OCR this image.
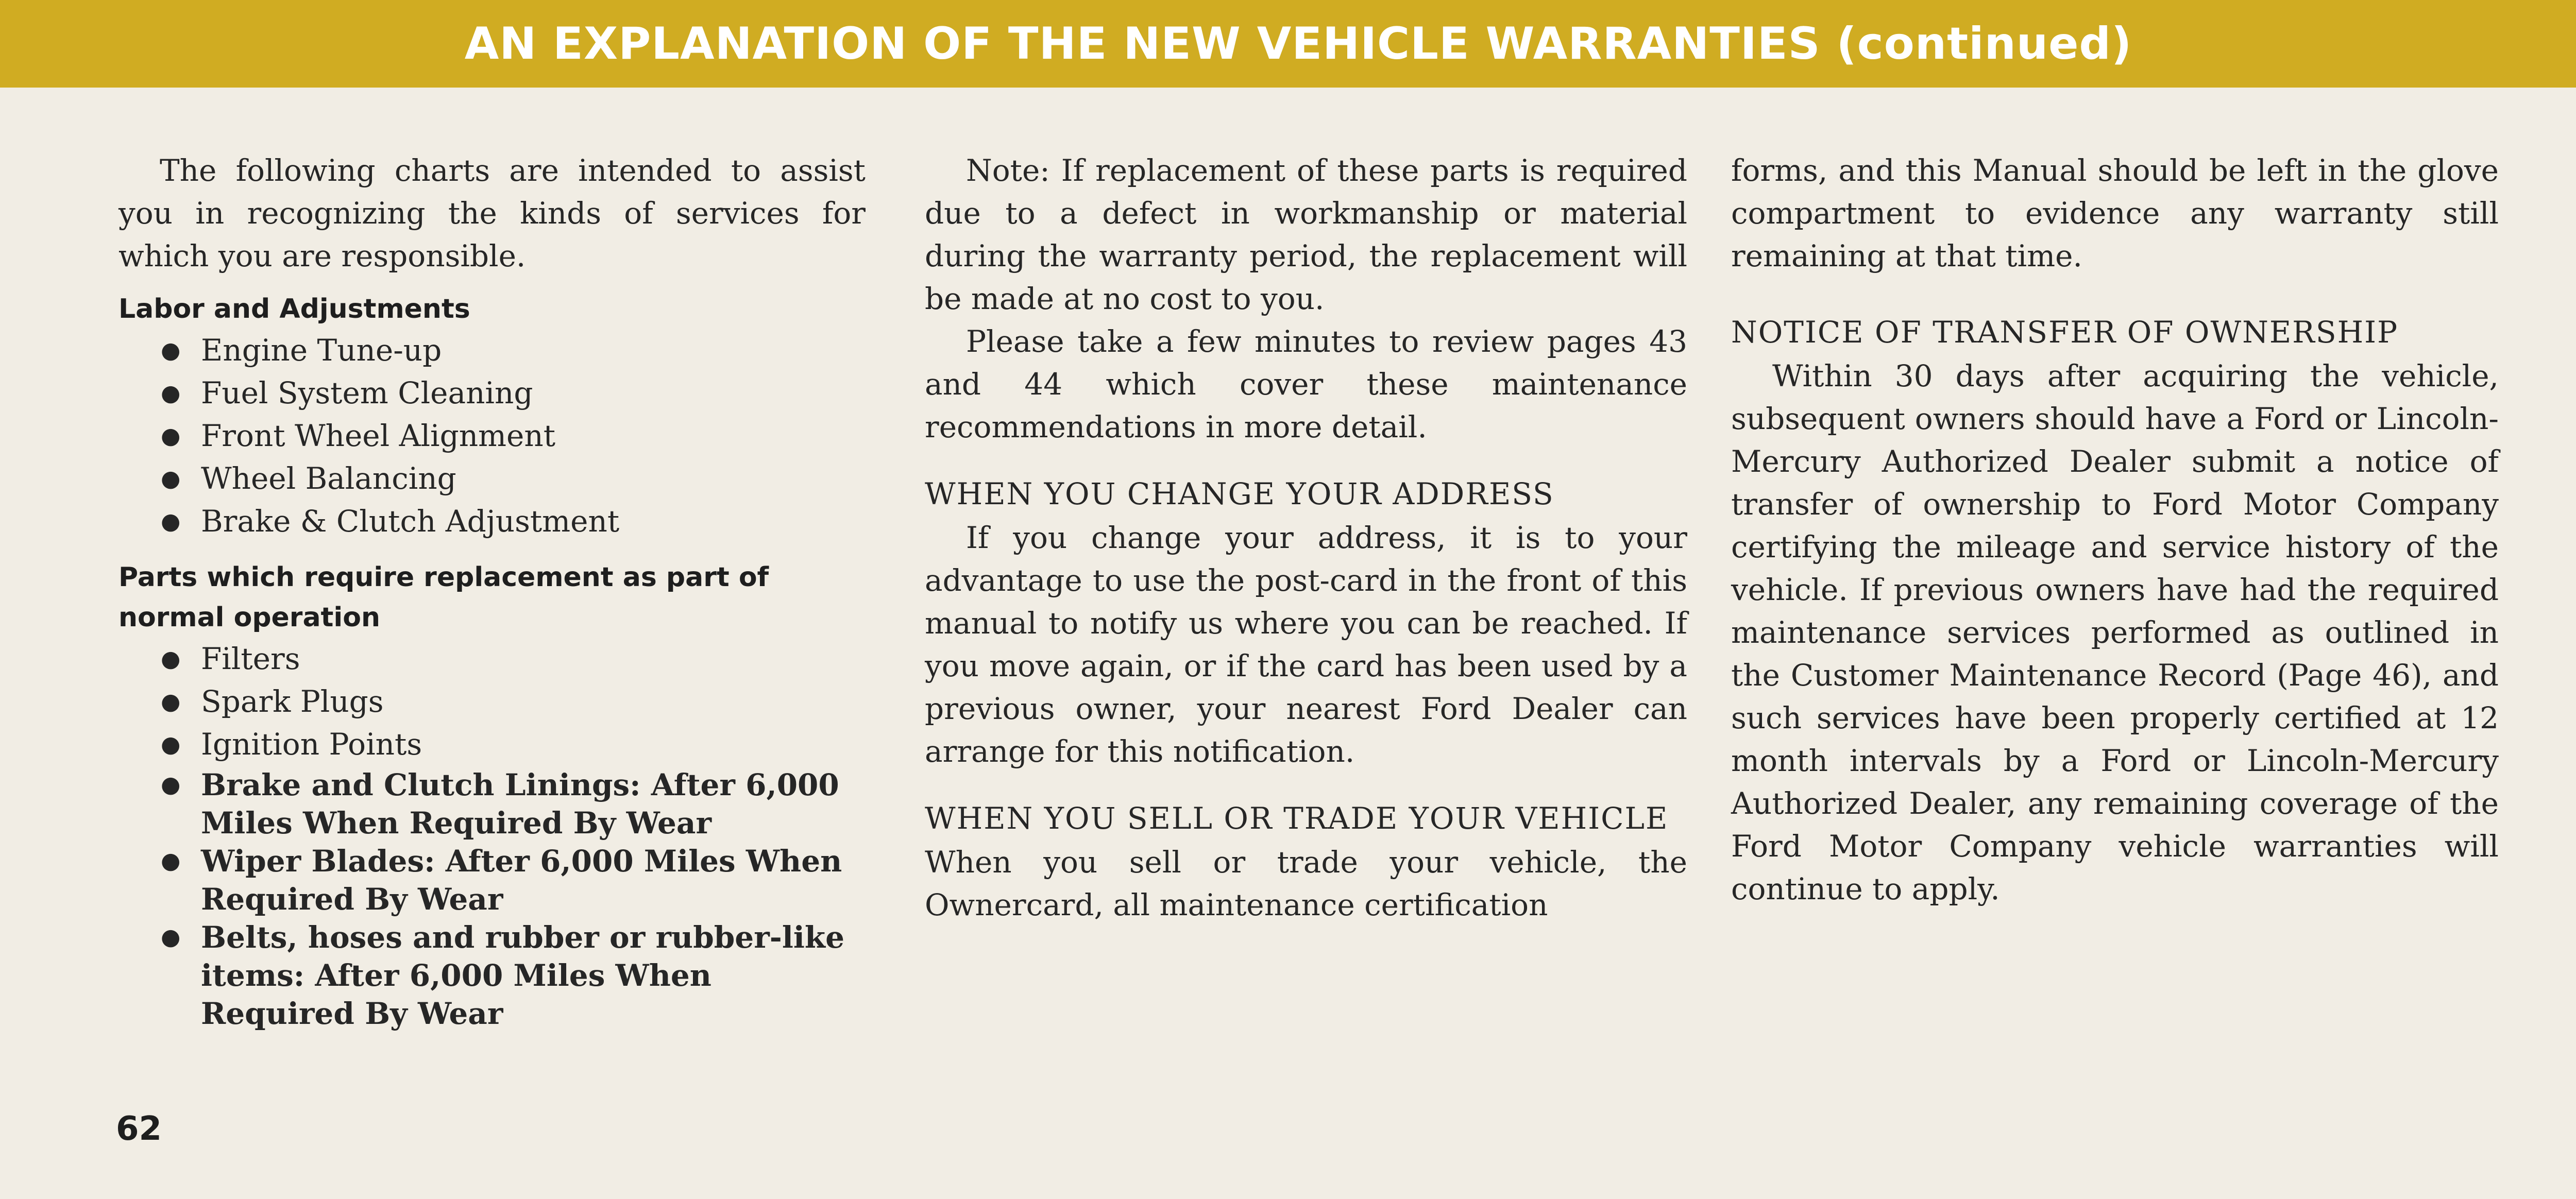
AN EXPLANATION OF THE NEW VEHICLE WARRANTIES (continued)

The following charts are intended to assist you in recognizing the kinds of services for which you are responsible.

Labor and Adjustments

● Engine Tune-up
● Fuel System Cleaning
● Front Wheel Alignment
● Wheel Balancing
● Brake & Clutch Adjustment

Parts which require replacement as part of normal operation

● Filters
● Spark Plugs
● Ignition Points
● Brake and Clutch Linings: After 6,000 Miles When Required By Wear
● Wiper Blades: After 6,000 Miles When Required By Wear
● Belts, hoses and rubber or rubber-like items: After 6,000 Miles When Required By Wear

Note: If replacement of these parts is required due to a defect in workmanship or material during the warranty period, the replacement will be made at no cost to you.

Please take a few minutes to review pages 43 and 44 which cover these maintenance recommendations in more detail.

WHEN YOU CHANGE YOUR ADDRESS

If you change your address, it is to your advantage to use the post-card in the front of this manual to notify us where you can be reached. If you move again, or if the card has been used by a previous owner, your nearest Ford Dealer can arrange for this notification.

WHEN YOU SELL OR TRADE YOUR VEHICLE

When you sell or trade your vehicle, the Ownercard, all maintenance certification

forms, and this Manual should be left in the glove compartment to evidence any warranty still remaining at that time.

NOTICE OF TRANSFER OF OWNERSHIP

Within 30 days after acquiring the vehicle, subsequent owners should have a Ford or Lincoln-Mercury Authorized Dealer submit a notice of transfer of ownership to Ford Motor Company certifying the mileage and service history of the vehicle. If previous owners have had the required maintenance services performed as outlined in the Customer Maintenance Record (Page 46), and such services have been properly certified at 12 month intervals by a Ford or Lincoln-Mercury Authorized Dealer, any remaining coverage of the Ford Motor Company vehicle warranties will continue to apply.

62
